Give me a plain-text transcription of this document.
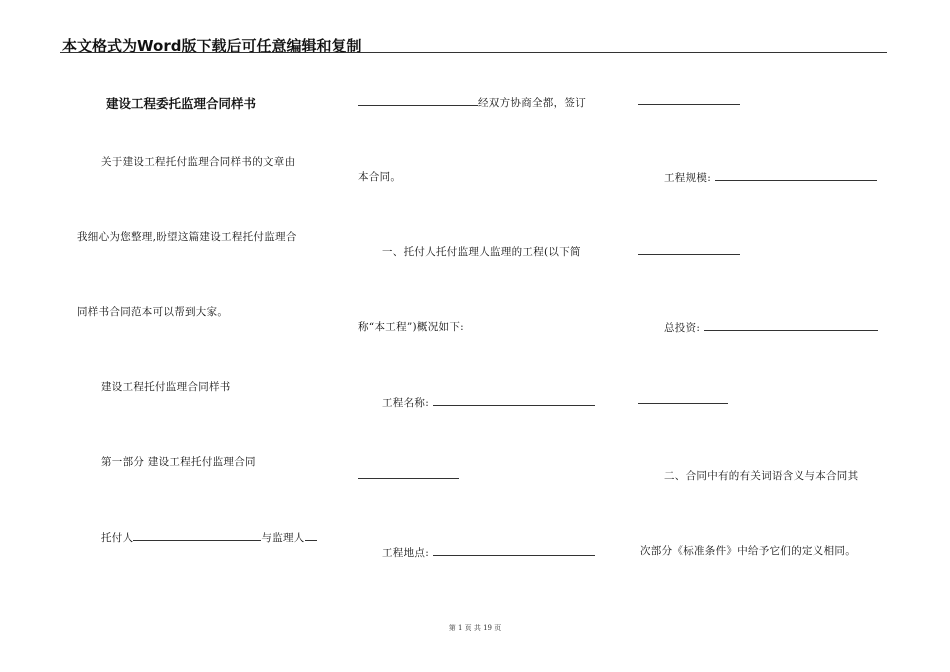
本文格式为Word版下载后可任意编辑和复制
建设工程委托监理合同样书
关于建设工程托付监理合同样书的文章由
我细心为您整理,盼望这篇建设工程托付监理合
同样书合同范本可以帮到大家。
建设工程托付监理合同样书
第一部分 建设工程托付监理合同
托付人	与监理人
经双方协商全都，签订
本合同。
一、托付人托付监理人监理的工程(以下简
称“本工程”)概况如下:
工程名称:
工程地点:
工程规模:
总投资:
二、合同中有的有关词语含义与本合同其
次部分《标准条件》中给予它们的定义相同。
第 1 页 共 19 页
